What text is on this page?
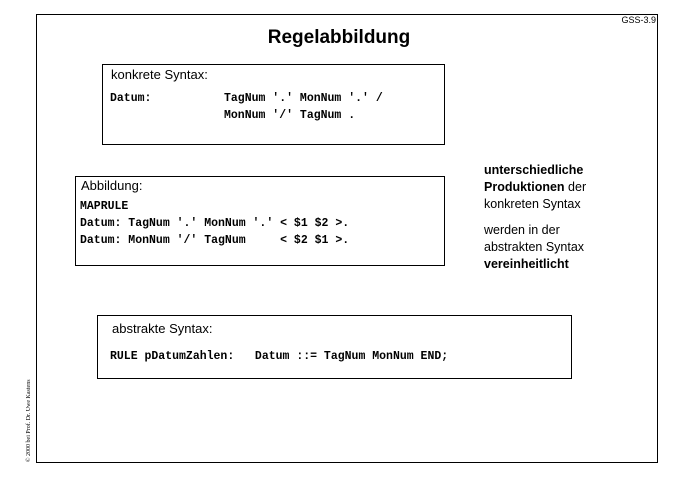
GSS-3.9
Regelabbildung
konkrete Syntax:
Datum:	TagNum '.' MonNum '.' /
MonNum '/' TagNum .
Abbildung:
MAPRULE
Datum: TagNum '.' MonNum '.' < $1 $2 >.
Datum: MonNum '/' TagNum     < $2 $1 >.
unterschiedliche
Produktionen der
konkreten Syntax
werden in der
abstrakten Syntax
vereinheitlicht
abstrakte Syntax:
RULE pDatumZahlen:   Datum ::= TagNum MonNum END;
© 2000 bei Prof. Dr. Uwe Kastens
